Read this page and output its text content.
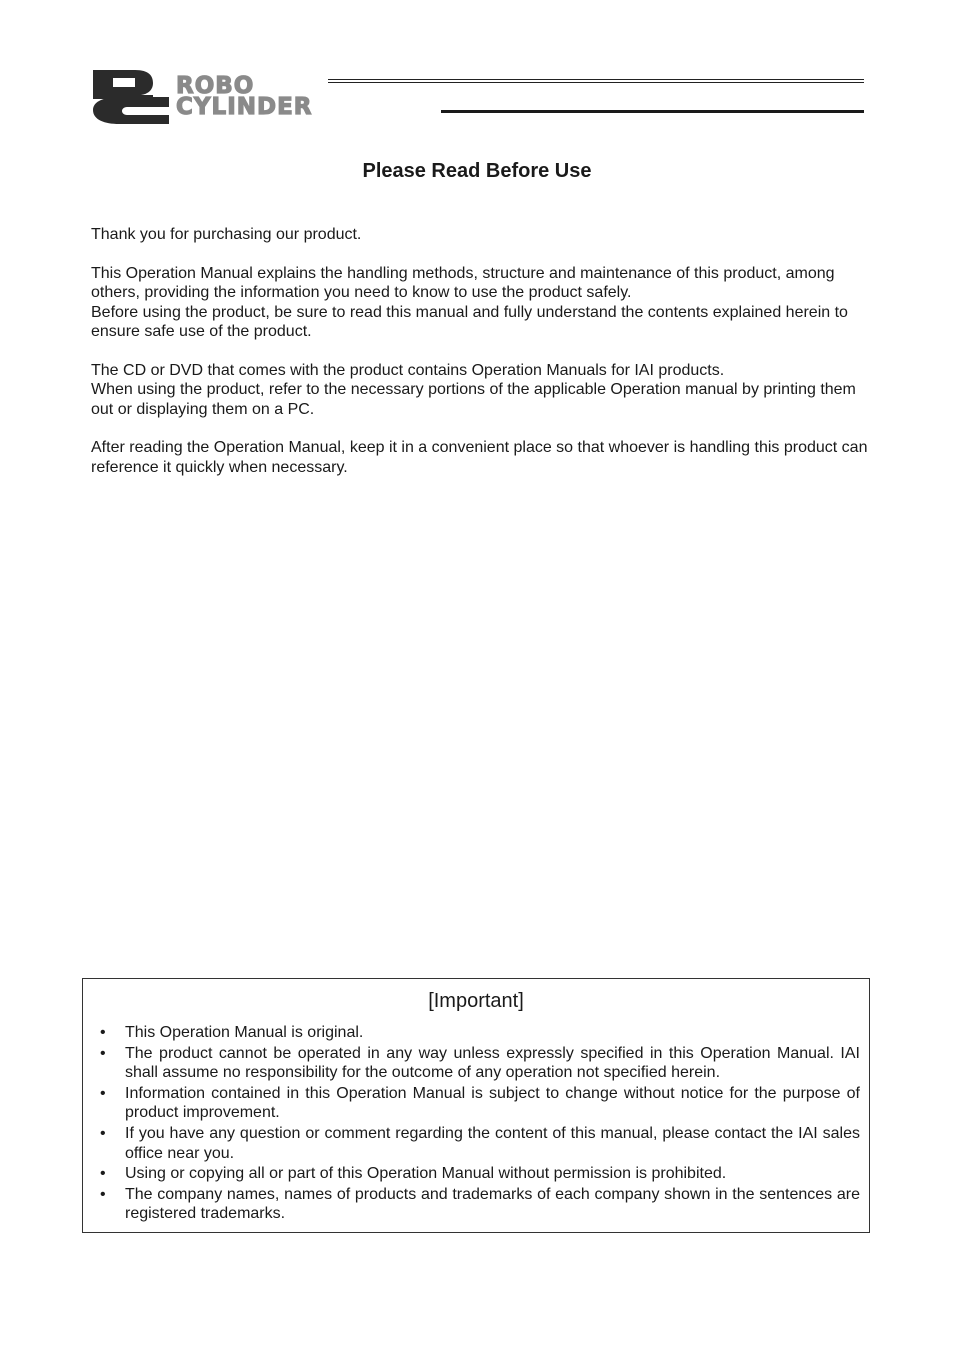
ROBO
CYLINDER
Please Read Before Use

Thank you for purchasing our product.

This Operation Manual explains the handling methods, structure and maintenance of this product, among others, providing the information you need to know to use the product safely.
Before using the product, be sure to read this manual and fully understand the contents explained herein to ensure safe use of the product.

The CD or DVD that comes with the product contains Operation Manuals for IAI products.
When using the product, refer to the necessary portions of the applicable Operation manual by printing them out or displaying them on a PC.

After reading the Operation Manual, keep it in a convenient place so that whoever is handling this product can reference it quickly when necessary.

[Important]
• This Operation Manual is original.
• The product cannot be operated in any way unless expressly specified in this Operation Manual. IAI shall assume no responsibility for the outcome of any operation not specified herein.
• Information contained in this Operation Manual is subject to change without notice for the purpose of product improvement.
• If you have any question or comment regarding the content of this manual, please contact the IAI sales office near you.
• Using or copying all or part of this Operation Manual without permission is prohibited.
• The company names, names of products and trademarks of each company shown in the sentences are registered trademarks.
